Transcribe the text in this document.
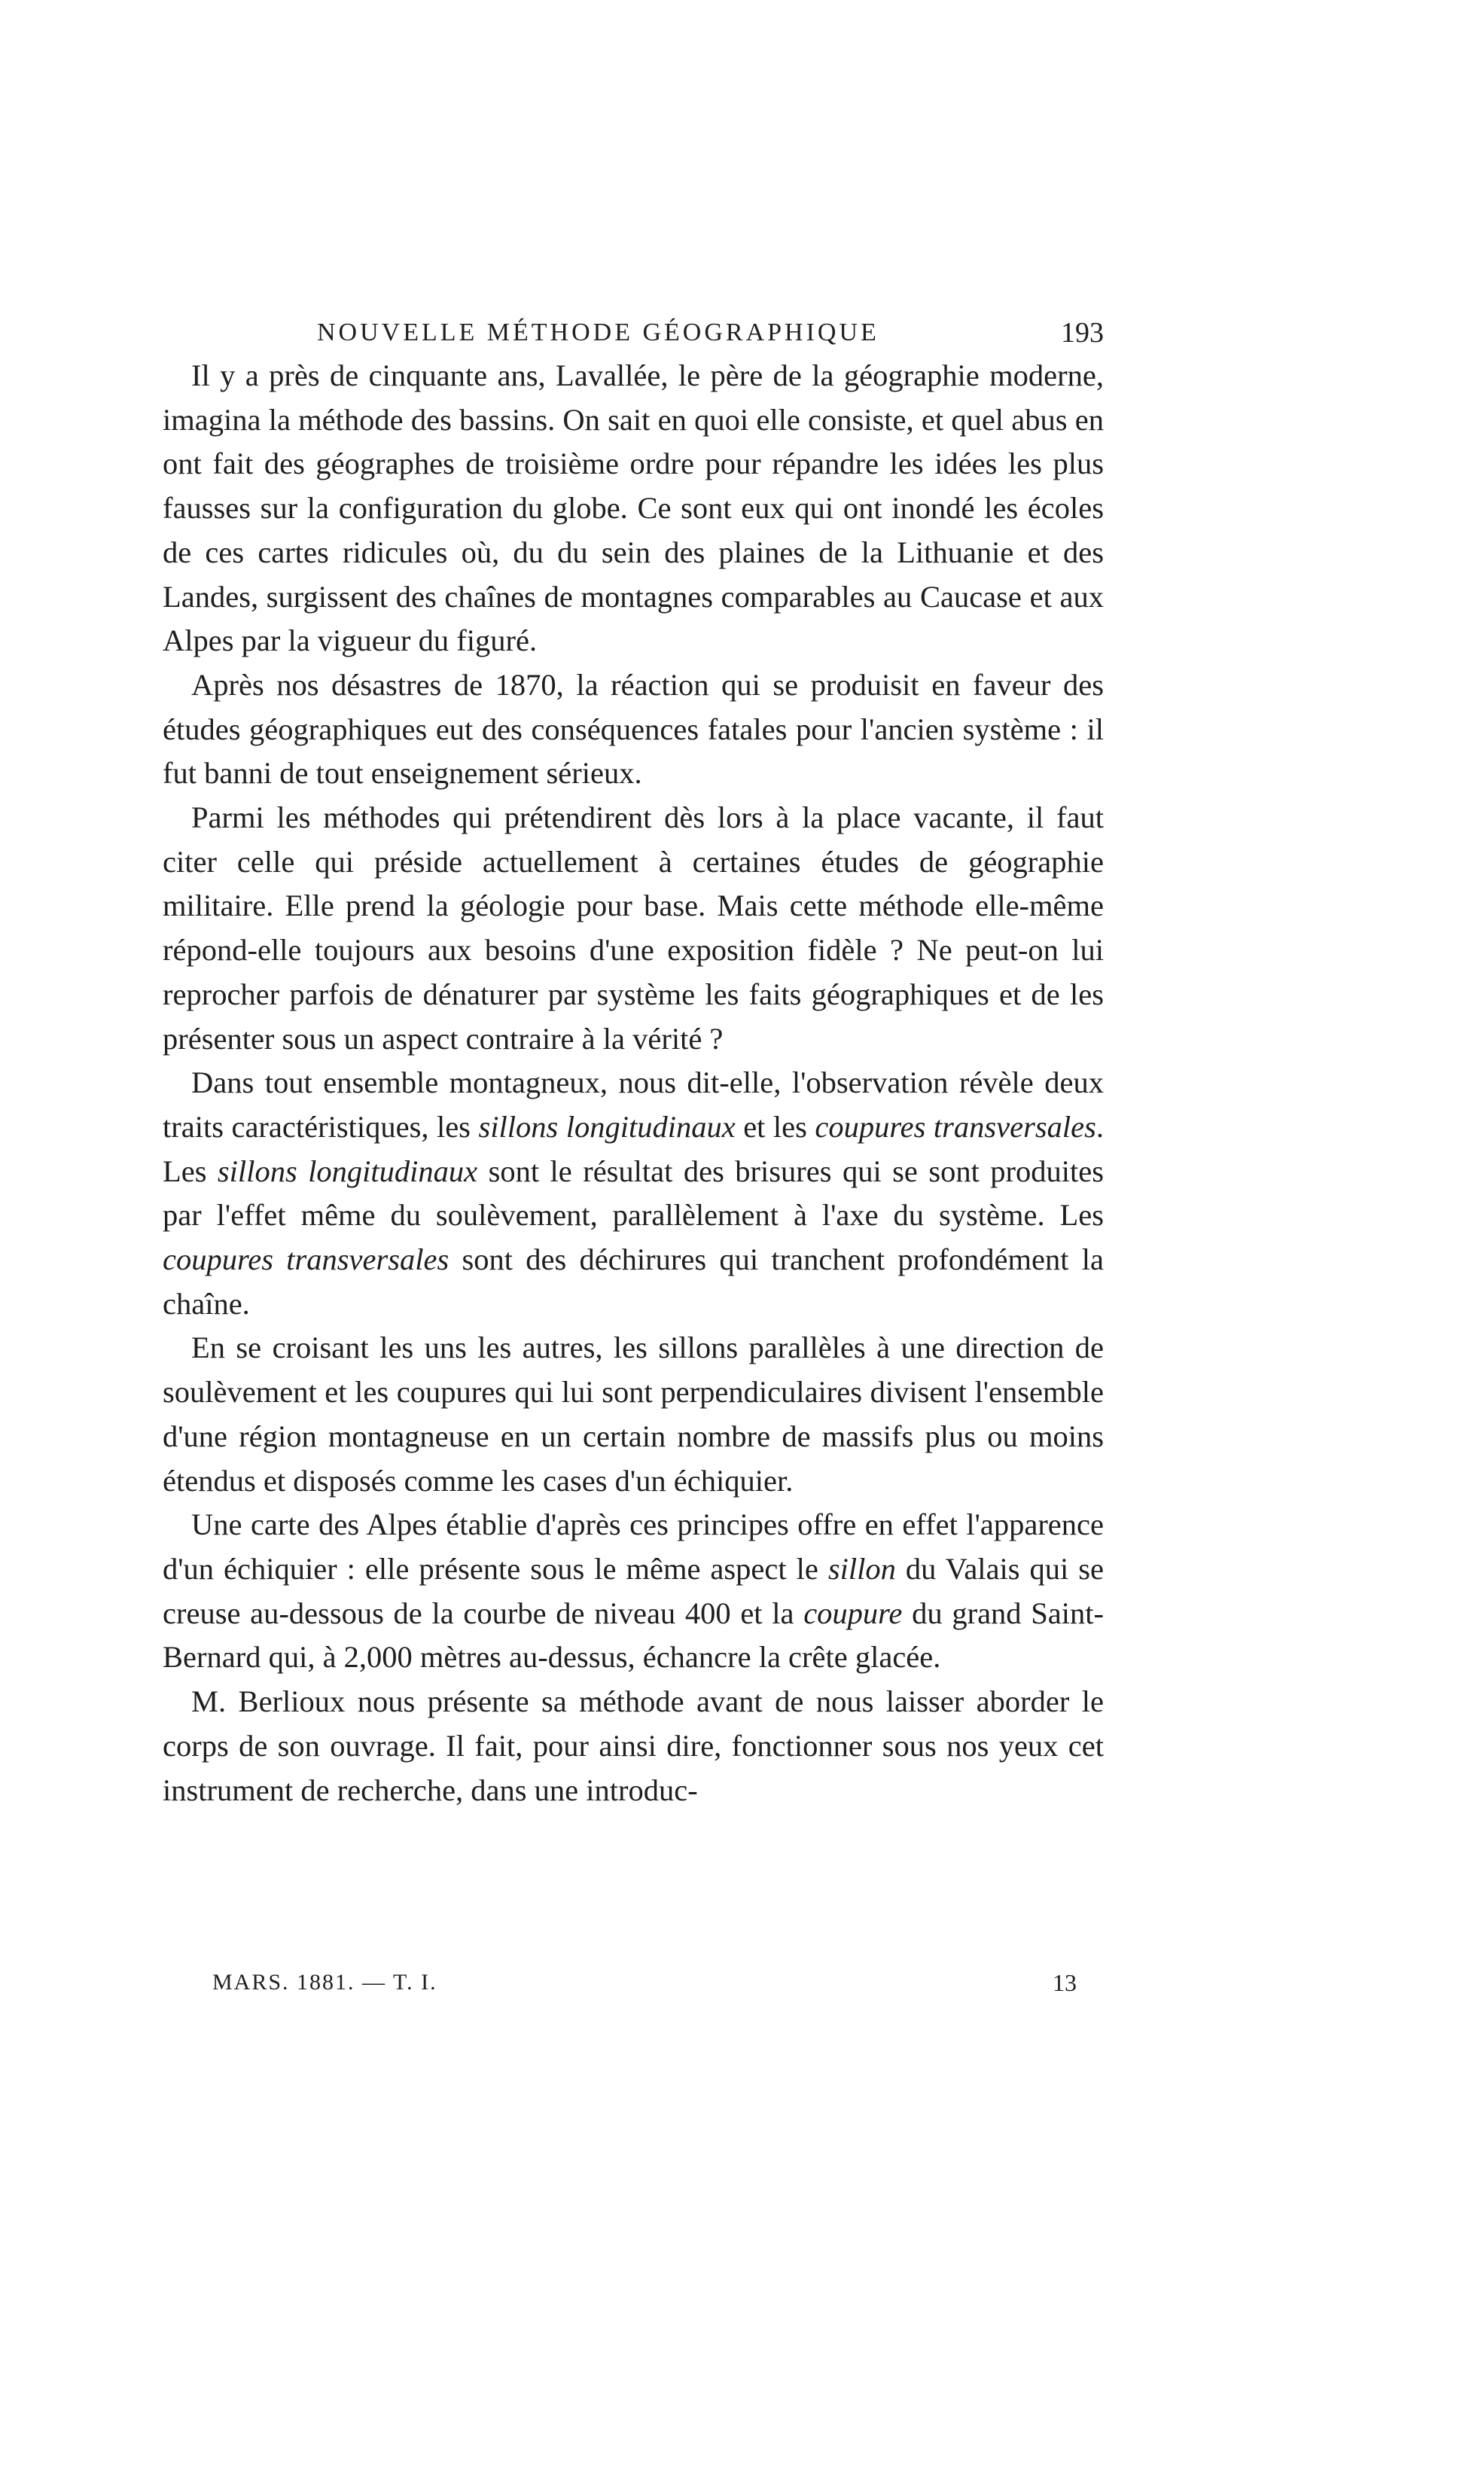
NOUVELLE MÉTHODE GÉOGRAPHIQUE	193

Il y a près de cinquante ans, Lavallée, le père de la géographie moderne, imagina la méthode des bassins. On sait en quoi elle consiste, et quel abus en ont fait des géographes de troisième ordre pour répandre les idées les plus fausses sur la configuration du globe. Ce sont eux qui ont inondé les écoles de ces cartes ridicules où, du du sein des plaines de la Lithuanie et des Landes, surgissent des chaînes de montagnes comparables au Caucase et aux Alpes par la vigueur du figuré.

Après nos désastres de 1870, la réaction qui se produisit en faveur des études géographiques eut des conséquences fatales pour l'ancien système : il fut banni de tout enseignement sérieux.

Parmi les méthodes qui prétendirent dès lors à la place vacante, il faut citer celle qui préside actuellement à certaines études de géographie militaire. Elle prend la géologie pour base. Mais cette méthode elle-même répond-elle toujours aux besoins d'une exposition fidèle ? Ne peut-on lui reprocher parfois de dénaturer par système les faits géographiques et de les présenter sous un aspect contraire à la vérité ?

Dans tout ensemble montagneux, nous dit-elle, l'observation révèle deux traits caractéristiques, les sillons longitudinaux et les coupures transversales. Les sillons longitudinaux sont le résultat des brisures qui se sont produites par l'effet même du soulèvement, parallèlement à l'axe du système. Les coupures transversales sont des déchirures qui tranchent profondément la chaîne.

En se croisant les uns les autres, les sillons parallèles à une direction de soulèvement et les coupures qui lui sont perpendiculaires divisent l'ensemble d'une région montagneuse en un certain nombre de massifs plus ou moins étendus et disposés comme les cases d'un échiquier.

Une carte des Alpes établie d'après ces principes offre en effet l'apparence d'un échiquier : elle présente sous le même aspect le sillon du Valais qui se creuse au-dessous de la courbe de niveau 400 et la coupure du grand Saint-Bernard qui, à 2,000 mètres au-dessus, échancre la crête glacée.

M. Berlioux nous présente sa méthode avant de nous laisser aborder le corps de son ouvrage. Il fait, pour ainsi dire, fonctionner sous nos yeux cet instrument de recherche, dans une introduc-

MARS. 1881. — T. I.	13
